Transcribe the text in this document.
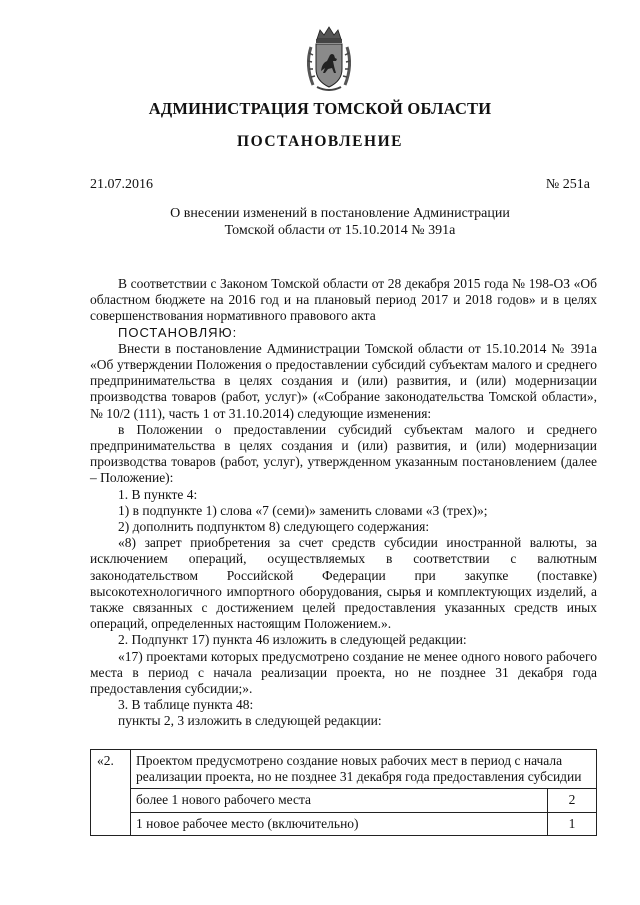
АДМИНИСТРАЦИЯ ТОМСКОЙ ОБЛАСТИ
ПОСТАНОВЛЕНИЕ
21.07.2016	№ 251а
О внесении изменений в постановление Администрации
Томской области от 15.10.2014 № 391а

В соответствии с Законом Томской области от 28 декабря 2015 года № 198-ОЗ «Об областном бюджете на 2016 год и на плановый период 2017 и 2018 годов» и в целях совершенствования нормативного правового акта

ПОСТАНОВЛЯЮ:

Внести в постановление Администрации Томской области от 15.10.2014 № 391а «Об утверждении Положения о предоставлении субсидий субъектам малого и среднего предпринимательства в целях создания и (или) развития, и (или) модернизации производства товаров (работ, услуг)» («Собрание законодательства Томской области», № 10/2 (111), часть 1 от 31.10.2014) следующие изменения:

в Положении о предоставлении субсидий субъектам малого и среднего предпринимательства в целях создания и (или) развития, и (или) модернизации производства товаров (работ, услуг), утвержденном указанным постановлением (далее – Положение):

1. В пункте 4:

1) в подпункте 1) слова «7 (семи)» заменить словами «3 (трех)»;

2) дополнить подпунктом 8) следующего содержания:

«8) запрет приобретения за счет средств субсидии иностранной валюты, за исключением операций, осуществляемых в соответствии с валютным законодательством Российской Федерации при закупке (поставке) высокотехнологичного импортного оборудования, сырья и комплектующих изделий, а также связанных с достижением целей предоставления указанных средств иных операций, определенных настоящим Положением.».

2. Подпункт 17) пункта 46 изложить в следующей редакции:

«17) проектами которых предусмотрено создание не менее одного нового рабочего места в период с начала реализации проекта, но не позднее 31 декабря года предоставления субсидии;».

3. В таблице пункта 48:

пункты 2, 3 изложить в следующей редакции:

«2.	Проектом предусмотрено создание новых рабочих мест в период с начала реализации проекта, но не позднее 31 декабря года предоставления субсидии	
	более 1 нового рабочего места	2
	1 новое рабочее место (включительно)	1
